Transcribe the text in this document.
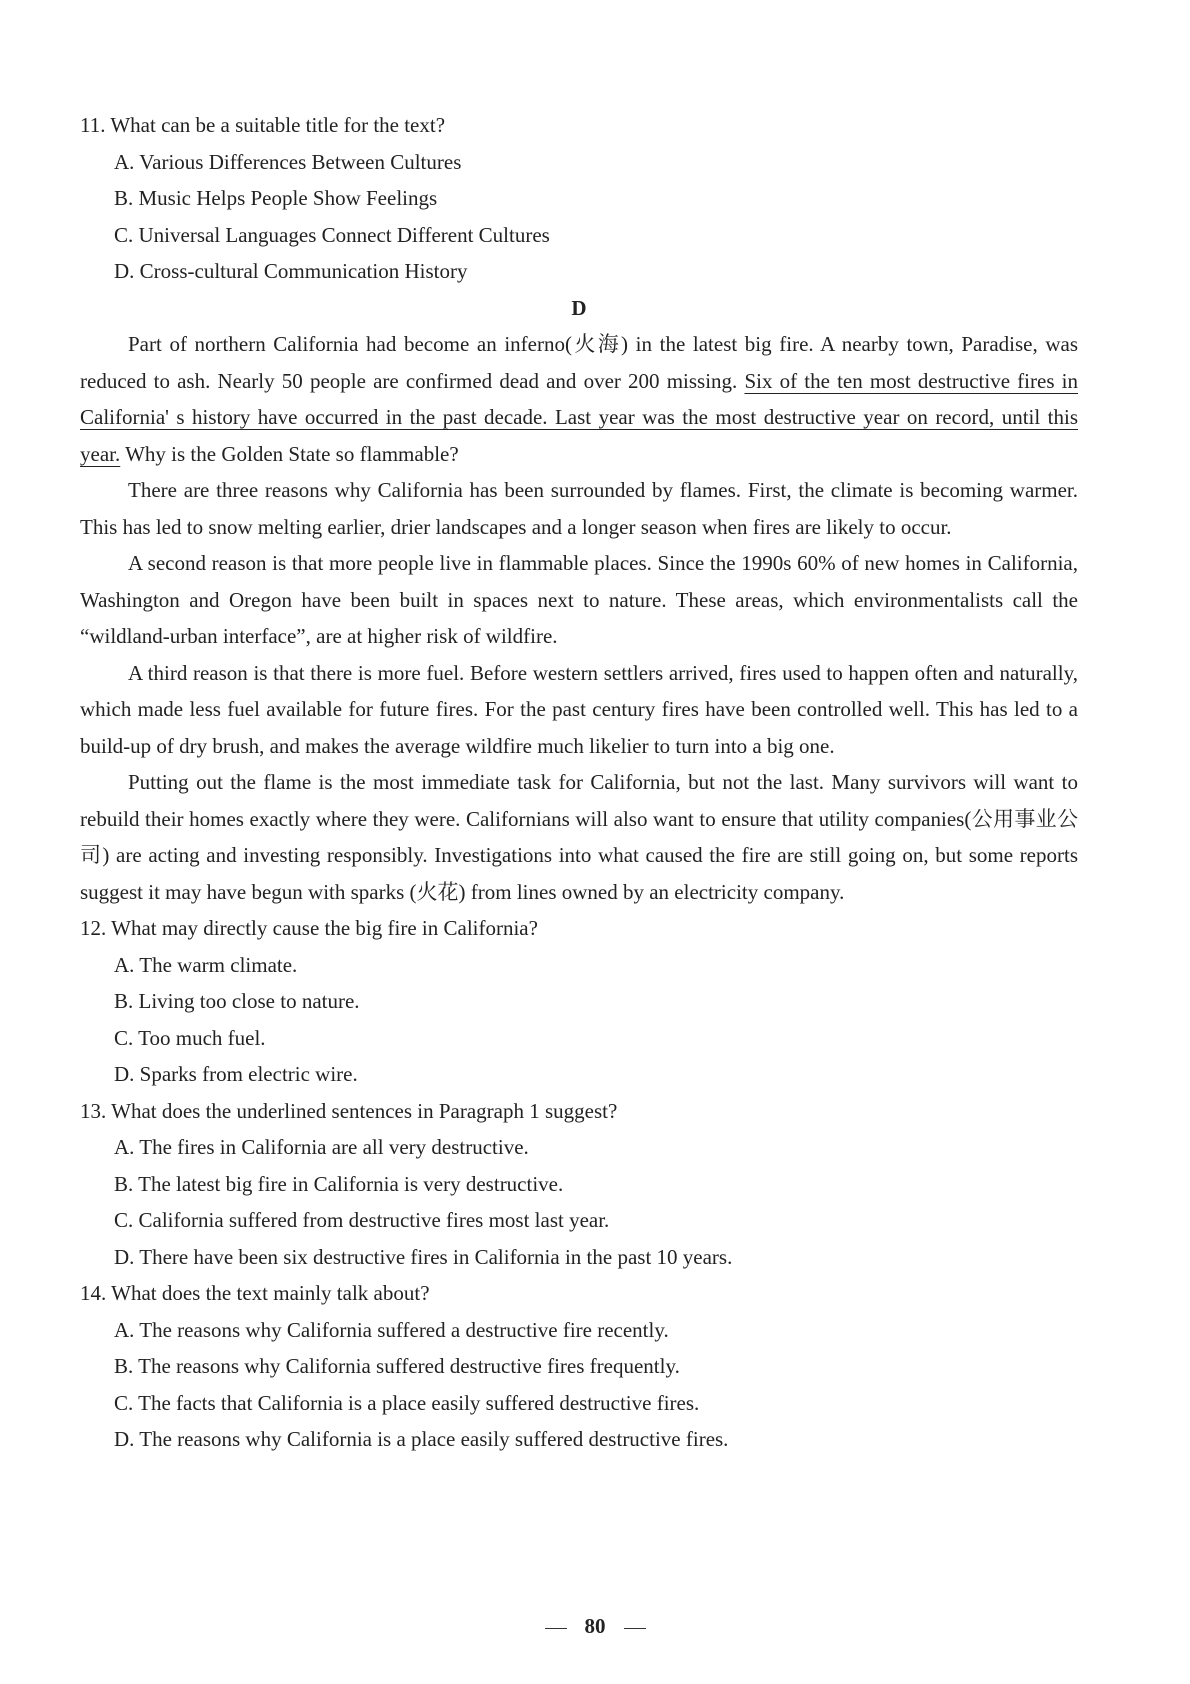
11. What can be a suitable title for the text?

A. Various Differences Between Cultures

B. Music Helps People Show Feelings

C. Universal Languages Connect Different Cultures

D. Cross-cultural Communication History

D

Part of northern California had become an inferno(火海) in the latest big fire. A nearby town, Paradise, was reduced to ash. Nearly 50 people are confirmed dead and over 200 missing. Six of the ten most destructive fires in California' s history have occurred in the past decade. Last year was the most destructive year on record, until this year. Why is the Golden State so flammable?

There are three reasons why California has been surrounded by flames. First, the climate is becoming warmer. This has led to snow melting earlier, drier landscapes and a longer season when fires are likely to occur.

A second reason is that more people live in flammable places. Since the 1990s 60% of new homes in California, Washington and Oregon have been built in spaces next to nature. These areas, which environmentalists call the “wildland-urban interface”, are at higher risk of wildfire.

A third reason is that there is more fuel. Before western settlers arrived, fires used to happen often and naturally, which made less fuel available for future fires. For the past century fires have been controlled well. This has led to a build-up of dry brush, and makes the average wildfire much likelier to turn into a big one.

Putting out the flame is the most immediate task for California, but not the last. Many survivors will want to rebuild their homes exactly where they were. Californians will also want to ensure that utility companies(公用事业公司) are acting and investing responsibly. Investigations into what caused the fire are still going on, but some reports suggest it may have begun with sparks (火花) from lines owned by an electricity company.

12. What may directly cause the big fire in California?

A. The warm climate.

B. Living too close to nature.

C. Too much fuel.

D. Sparks from electric wire.

13. What does the underlined sentences in Paragraph 1 suggest?

A. The fires in California are all very destructive.

B. The latest big fire in California is very destructive.

C. California suffered from destructive fires most last year.

D. There have been six destructive fires in California in the past 10 years.

14. What does the text mainly talk about?

A. The reasons why California suffered a destructive fire recently.

B. The reasons why California suffered destructive fires frequently.

C. The facts that California is a place easily suffered destructive fires.

D. The reasons why California is a place easily suffered destructive fires.

80
